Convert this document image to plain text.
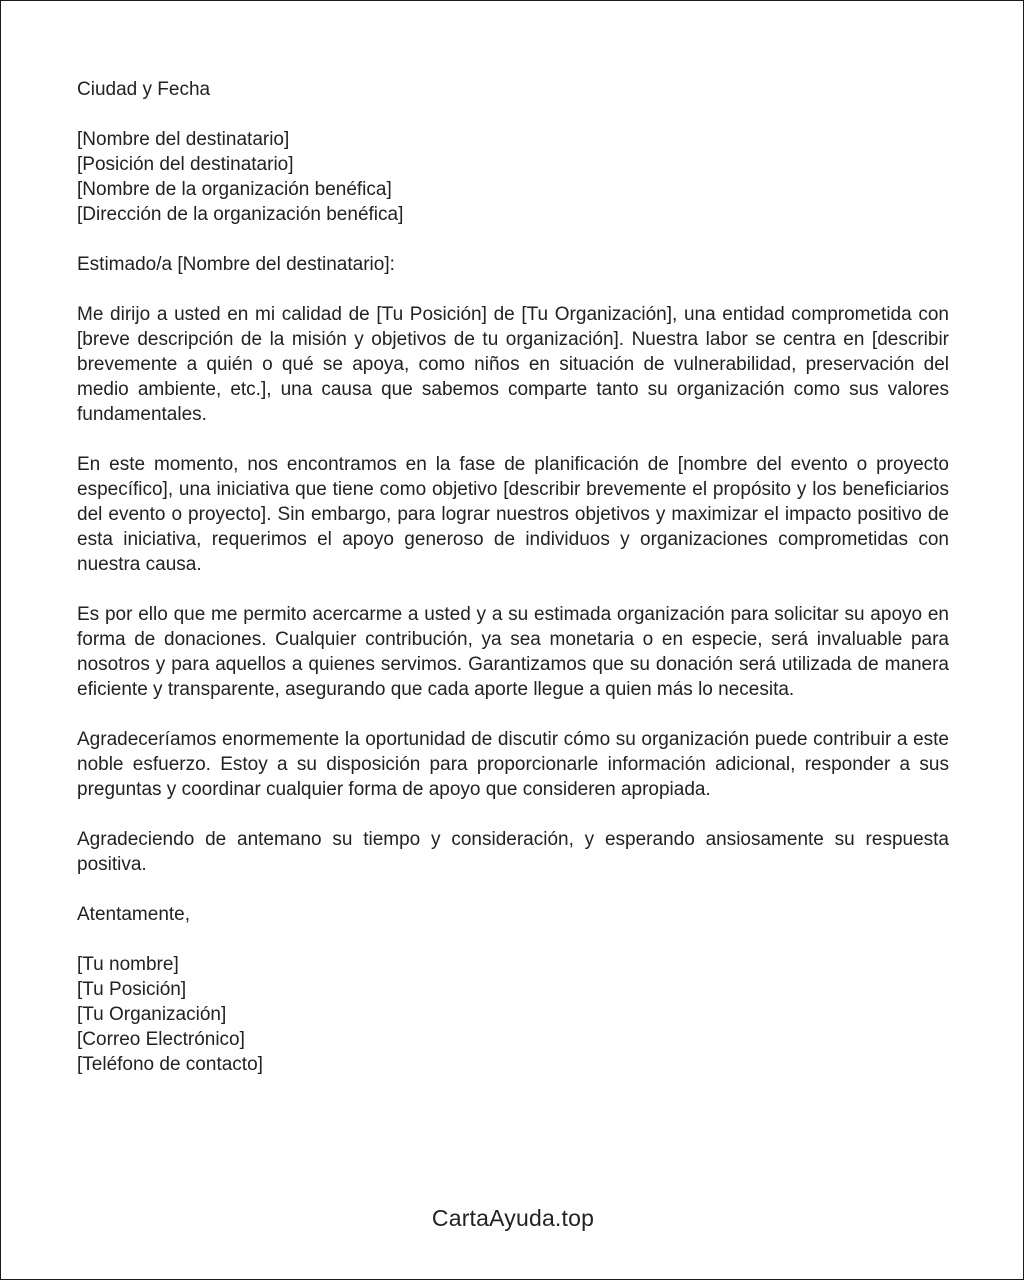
Ciudad y Fecha
[Nombre del destinatario]
[Posición del destinatario]
[Nombre de la organización benéfica]
[Dirección de la organización benéfica]
Estimado/a [Nombre del destinatario]:

Me dirijo a usted en mi calidad de [Tu Posición] de [Tu Organización], una entidad comprometida con [breve descripción de la misión y objetivos de tu organización]. Nuestra labor se centra en [describir brevemente a quién o qué se apoya, como niños en situación de vulnerabilidad, preservación del medio ambiente, etc.], una causa que sabemos comparte tanto su organización como sus valores fundamentales.

En este momento, nos encontramos en la fase de planificación de [nombre del evento o proyecto específico], una iniciativa que tiene como objetivo [describir brevemente el propósito y los beneficiarios del evento o proyecto]. Sin embargo, para lograr nuestros objetivos y maximizar el impacto positivo de esta iniciativa, requerimos el apoyo generoso de individuos y organizaciones comprometidas con nuestra causa.

Es por ello que me permito acercarme a usted y a su estimada organización para solicitar su apoyo en forma de donaciones. Cualquier contribución, ya sea monetaria o en especie, será invaluable para nosotros y para aquellos a quienes servimos. Garantizamos que su donación será utilizada de manera eficiente y transparente, asegurando que cada aporte llegue a quien más lo necesita.

Agradeceríamos enormemente la oportunidad de discutir cómo su organización puede contribuir a este noble esfuerzo. Estoy a su disposición para proporcionarle información adicional, responder a sus preguntas y coordinar cualquier forma de apoyo que consideren apropiada.

Agradeciendo de antemano su tiempo y consideración, y esperando ansiosamente su respuesta positiva.

Atentamente,
[Tu nombre]
[Tu Posición]
[Tu Organización]
[Correo Electrónico]
[Teléfono de contacto]
CartaAyuda.top
